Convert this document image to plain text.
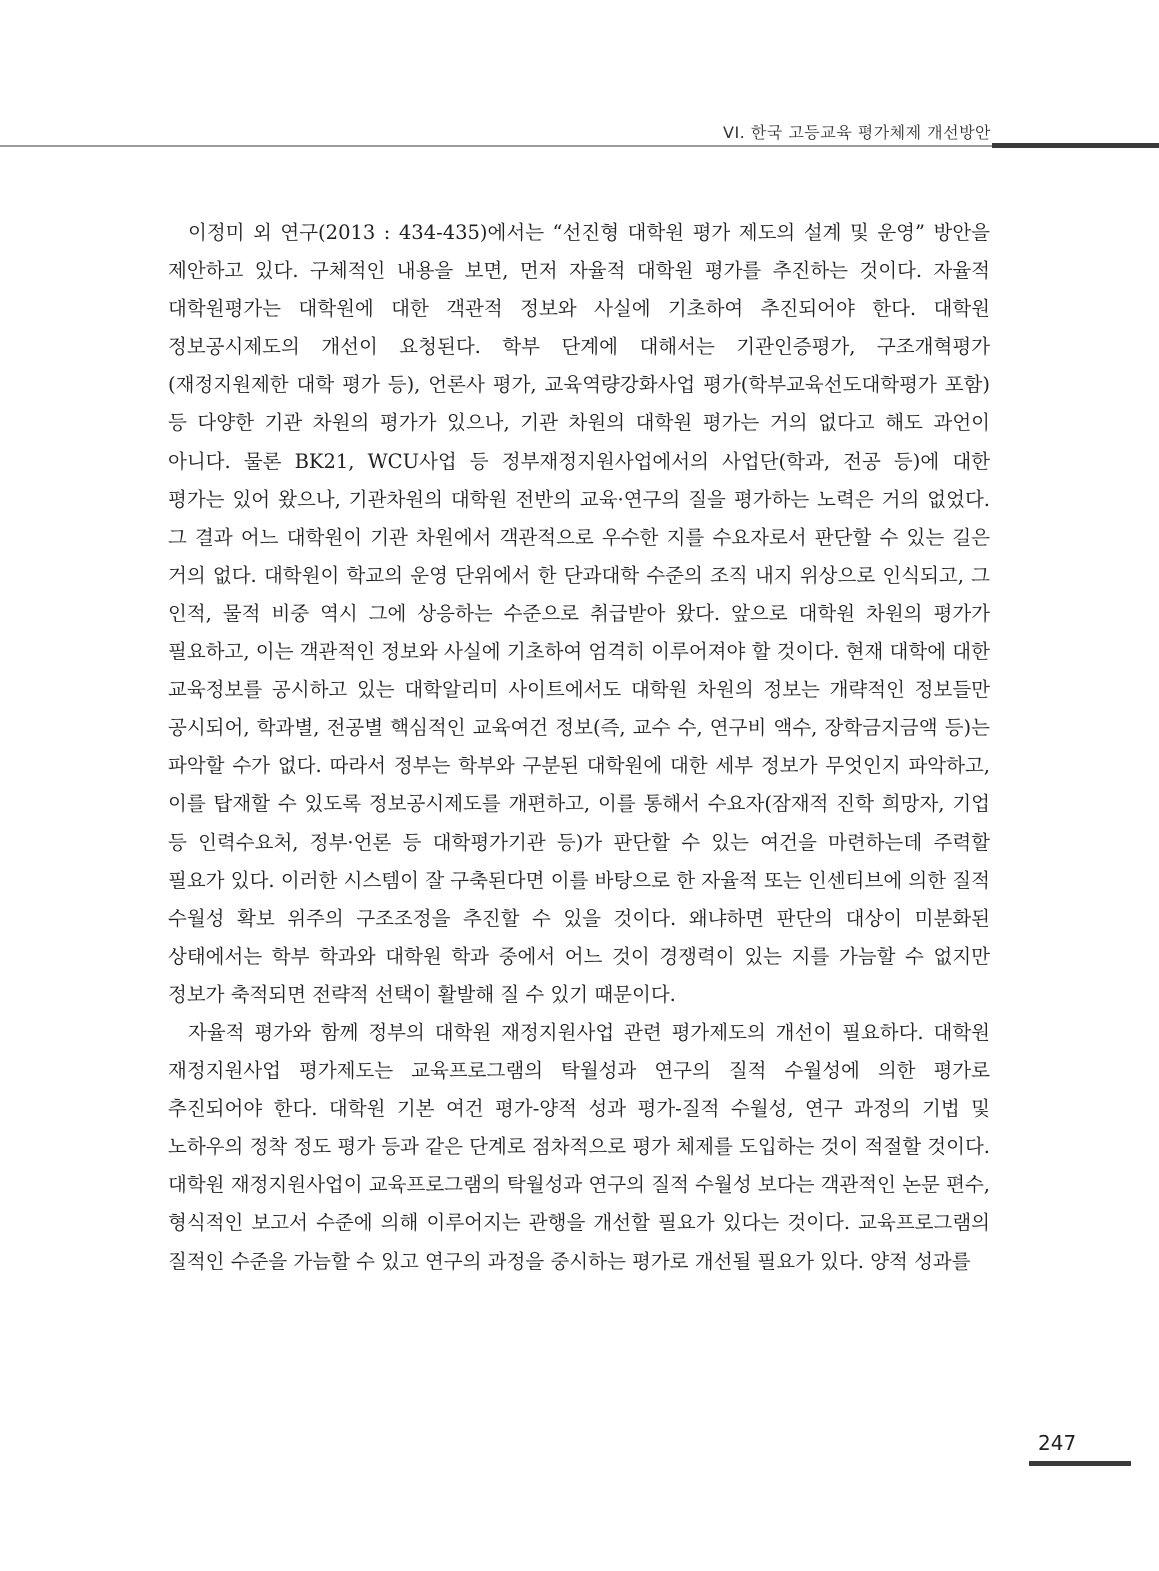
VI. 한국 고등교육 평가체제 개선방안

이정미 외 연구(2013 : 434-435)에서는 “선진형 대학원 평가 제도의 설계 및 운영” 방안을 제안하고 있다. 구체적인 내용을 보면, 먼저 자율적 대학원 평가를 추진하는 것이다. 자율적 대학원평가는 대학원에 대한 객관적 정보와 사실에 기초하여 추진되어야 한다. 대학원 정보공시제도의 개선이 요청된다. 학부 단계에 대해서는 기관인증평가, 구조개혁평가(재정지원제한 대학 평가 등), 언론사 평가, 교육역량강화사업 평가(학부교육선도대학평가 포함) 등 다양한 기관 차원의 평가가 있으나, 기관 차원의 대학원 평가는 거의 없다고 해도 과언이 아니다. 물론 BK21, WCU사업 등 정부재정지원사업에서의 사업단(학과, 전공 등)에 대한 평가는 있어 왔으나, 기관차원의 대학원 전반의 교육·연구의 질을 평가하는 노력은 거의 없었다. 그 결과 어느 대학원이 기관 차원에서 객관적으로 우수한 지를 수요자로서 판단할 수 있는 길은 거의 없다. 대학원이 학교의 운영 단위에서 한 단과대학 수준의 조직 내지 위상으로 인식되고, 그 인적, 물적 비중 역시 그에 상응하는 수준으로 취급받아 왔다. 앞으로 대학원 차원의 평가가 필요하고, 이는 객관적인 정보와 사실에 기초하여 엄격히 이루어져야 할 것이다. 현재 대학에 대한 교육정보를 공시하고 있는 대학알리미 사이트에서도 대학원 차원의 정보는 개략적인 정보들만 공시되어, 학과별, 전공별 핵심적인 교육여건 정보(즉, 교수 수, 연구비 액수, 장학금지금액 등)는 파악할 수가 없다. 따라서 정부는 학부와 구분된 대학원에 대한 세부 정보가 무엇인지 파악하고, 이를 탑재할 수 있도록 정보공시제도를 개편하고, 이를 통해서 수요자(잠재적 진학 희망자, 기업 등 인력수요처, 정부·언론 등 대학평가기관 등)가 판단할 수 있는 여건을 마련하는데 주력할 필요가 있다. 이러한 시스템이 잘 구축된다면 이를 바탕으로 한 자율적 또는 인센티브에 의한 질적 수월성 확보 위주의 구조조정을 추진할 수 있을 것이다. 왜냐하면 판단의 대상이 미분화된 상태에서는 학부 학과와 대학원 학과 중에서 어느 것이 경쟁력이 있는 지를 가늠할 수 없지만 정보가 축적되면 전략적 선택이 활발해 질 수 있기 때문이다.

자율적 평가와 함께 정부의 대학원 재정지원사업 관련 평가제도의 개선이 필요하다. 대학원 재정지원사업 평가제도는 교육프로그램의 탁월성과 연구의 질적 수월성에 의한 평가로 추진되어야 한다. 대학원 기본 여건 평가-양적 성과 평가-질적 수월성, 연구 과정의 기법 및 노하우의 정착 정도 평가 등과 같은 단계로 점차적으로 평가 체제를 도입하는 것이 적절할 것이다. 대학원 재정지원사업이 교육프로그램의 탁월성과 연구의 질적 수월성 보다는 객관적인 논문 편수, 형식적인 보고서 수준에 의해 이루어지는 관행을 개선할 필요가 있다는 것이다. 교육프로그램의 질적인 수준을 가늠할 수 있고 연구의 과정을 중시하는 평가로 개선될 필요가 있다. 양적 성과를

247
